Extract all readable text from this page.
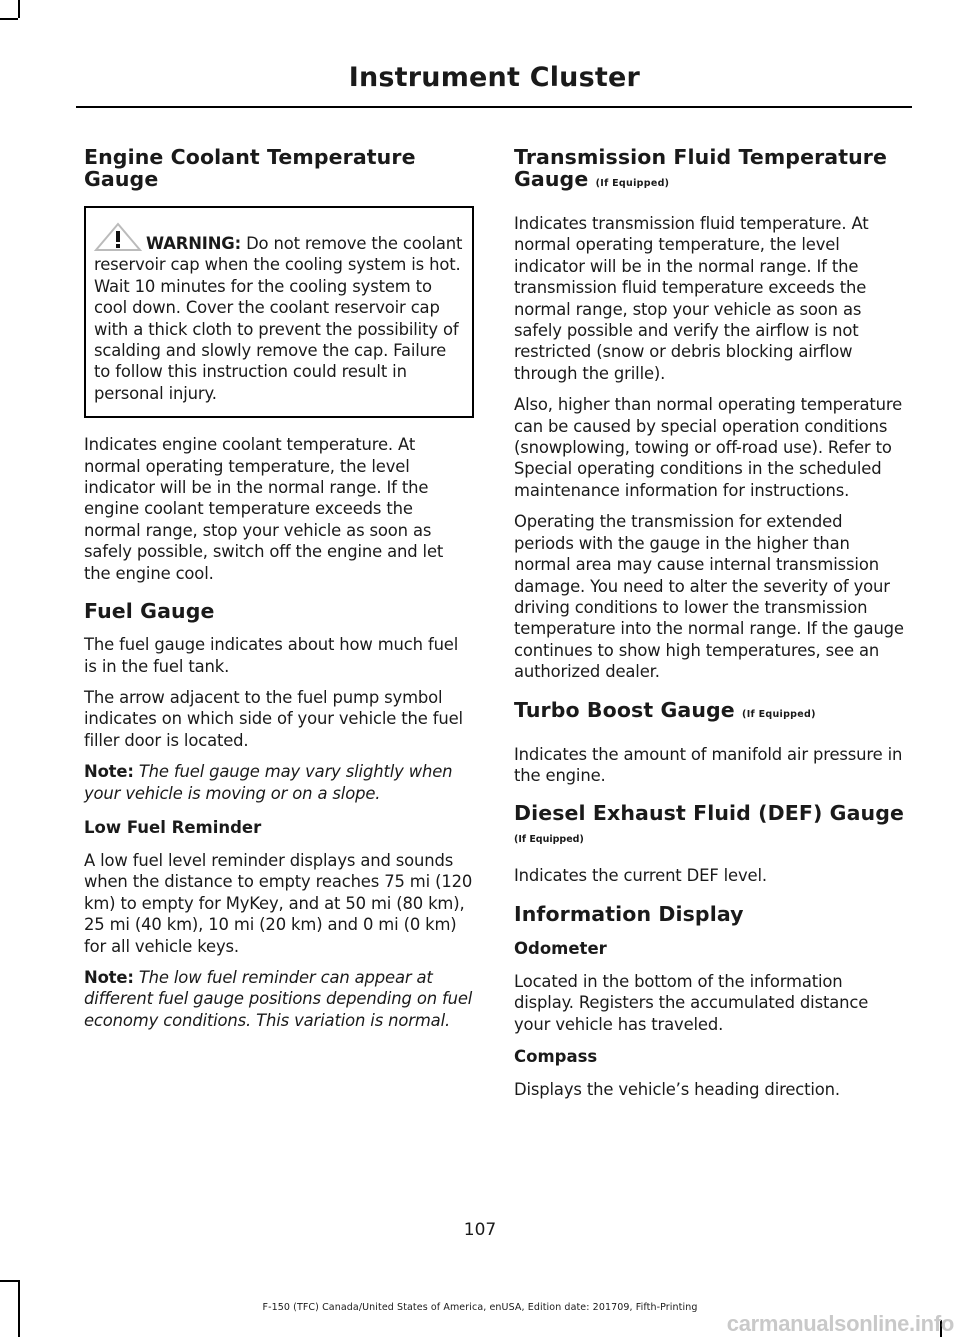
Instrument Cluster
Engine Coolant Temperature Gauge

WARNING: Do not remove the coolant reservoir cap when the cooling system is hot. Wait 10 minutes for the cooling system to cool down. Cover the coolant reservoir cap with a thick cloth to prevent the possibility of scalding and slowly remove the cap. Failure to follow this instruction could result in personal injury.

Indicates engine coolant temperature. At normal operating temperature, the level indicator will be in the normal range. If the engine coolant temperature exceeds the normal range, stop your vehicle as soon as safely possible, switch off the engine and let the engine cool.

Fuel Gauge

The fuel gauge indicates about how much fuel is in the fuel tank.

The arrow adjacent to the fuel pump symbol indicates on which side of your vehicle the fuel filler door is located.

Note: The fuel gauge may vary slightly when your vehicle is moving or on a slope.

Low Fuel Reminder

A low fuel level reminder displays and sounds when the distance to empty reaches 75 mi (120 km) to empty for MyKey, and at 50 mi (80 km), 25 mi (40 km), 10 mi (20 km) and 0 mi (0 km) for all vehicle keys.

Note: The low fuel reminder can appear at different fuel gauge positions depending on fuel economy conditions. This variation is normal.

Transmission Fluid Temperature Gauge (If Equipped)

Indicates transmission fluid temperature. At normal operating temperature, the level indicator will be in the normal range. If the transmission fluid temperature exceeds the normal range, stop your vehicle as soon as safely possible and verify the airflow is not restricted (snow or debris blocking airflow through the grille).

Also, higher than normal operating temperature can be caused by special operation conditions (snowplowing, towing or off-road use). Refer to Special operating conditions in the scheduled maintenance information for instructions.

Operating the transmission for extended periods with the gauge in the higher than normal area may cause internal transmission damage. You need to alter the severity of your driving conditions to lower the transmission temperature into the normal range. If the gauge continues to show high temperatures, see an authorized dealer.

Turbo Boost Gauge (If Equipped)

Indicates the amount of manifold air pressure in the engine.

Diesel Exhaust Fluid (DEF) Gauge
(If Equipped)

Indicates the current DEF level.

Information Display
Odometer

Located in the bottom of the information display. Registers the accumulated distance your vehicle has traveled.

Compass

Displays the vehicle’s heading direction.

107
F-150 (TFC) Canada/United States of America, enUSA, Edition date: 201709, Fifth-Printing
carmanualsonline.info
